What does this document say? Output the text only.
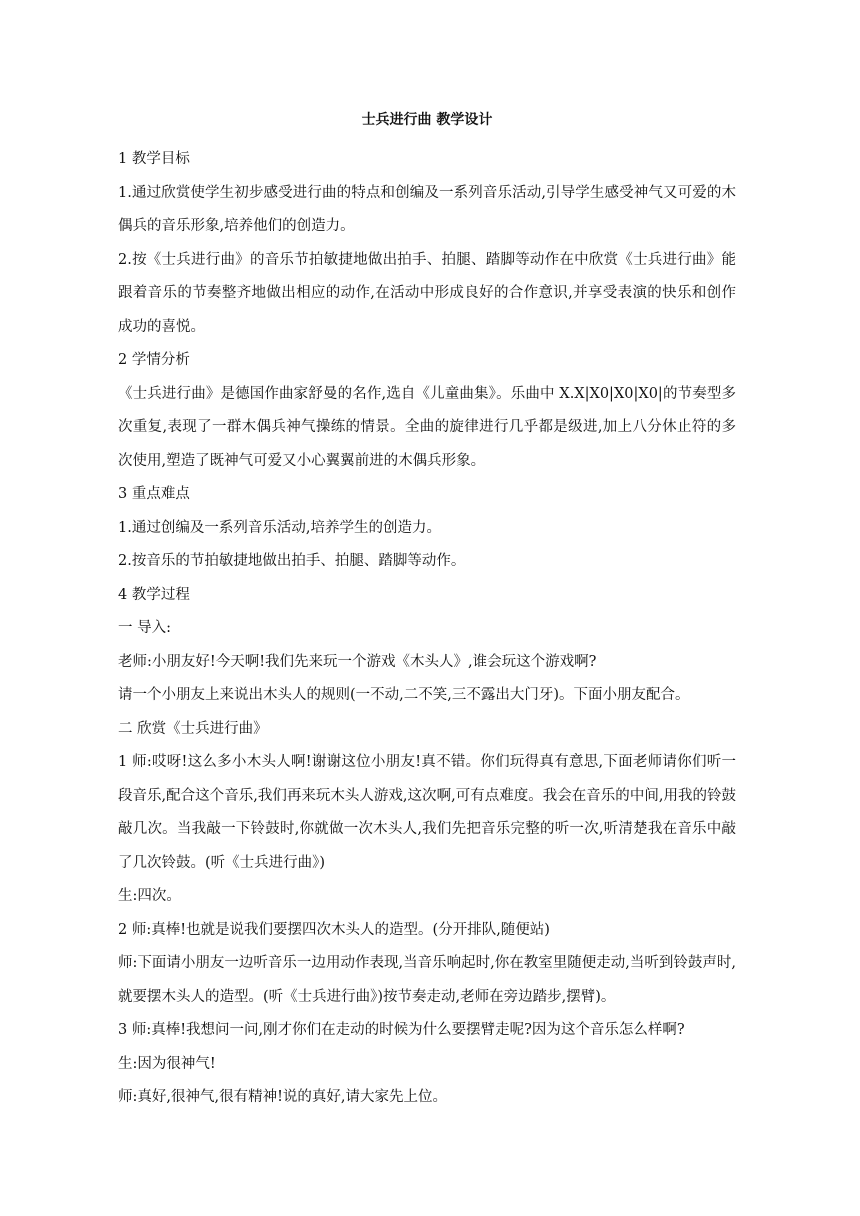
士兵进行曲 教学设计

1 教学目标

1.通过欣赏使学生初步感受进行曲的特点和创编及一系列音乐活动,引导学生感受神气又可爱的木偶兵的音乐形象,培养他们的创造力。

2.按《士兵进行曲》的音乐节拍敏捷地做出拍手、拍腿、踏脚等动作在中欣赏《士兵进行曲》能跟着音乐的节奏整齐地做出相应的动作,在活动中形成良好的合作意识,并享受表演的快乐和创作成功的喜悦。

2 学情分析

《士兵进行曲》是德国作曲家舒曼的名作,选自《儿童曲集》。乐曲中 X.X|X0|X0|X0|的节奏型多次重复,表现了一群木偶兵神气操练的情景。全曲的旋律进行几乎都是级进,加上八分休止符的多次使用,塑造了既神气可爱又小心翼翼前进的木偶兵形象。

3 重点难点

1.通过创编及一系列音乐活动,培养学生的创造力。

2.按音乐的节拍敏捷地做出拍手、拍腿、踏脚等动作。

4 教学过程

一 导入:

老师:小朋友好!今天啊!我们先来玩一个游戏《木头人》,谁会玩这个游戏啊?

请一个小朋友上来说出木头人的规则(一不动,二不笑,三不露出大门牙)。下面小朋友配合。

二 欣赏《士兵进行曲》

1 师:哎呀!这么多小木头人啊!谢谢这位小朋友!真不错。你们玩得真有意思,下面老师请你们听一段音乐,配合这个音乐,我们再来玩木头人游戏,这次啊,可有点难度。我会在音乐的中间,用我的铃鼓敲几次。当我敲一下铃鼓时,你就做一次木头人,我们先把音乐完整的听一次,听清楚我在音乐中敲了几次铃鼓。(听《士兵进行曲》)

生:四次。

2 师:真棒!也就是说我们要摆四次木头人的造型。(分开排队,随便站)

师:下面请小朋友一边听音乐一边用动作表现,当音乐响起时,你在教室里随便走动,当听到铃鼓声时,就要摆木头人的造型。(听《士兵进行曲》)按节奏走动,老师在旁边踏步,摆臂)。

3 师:真棒!我想问一问,刚才你们在走动的时候为什么要摆臂走呢?因为这个音乐怎么样啊?

生:因为很神气!

师:真好,很神气,很有精神!说的真好,请大家先上位。
